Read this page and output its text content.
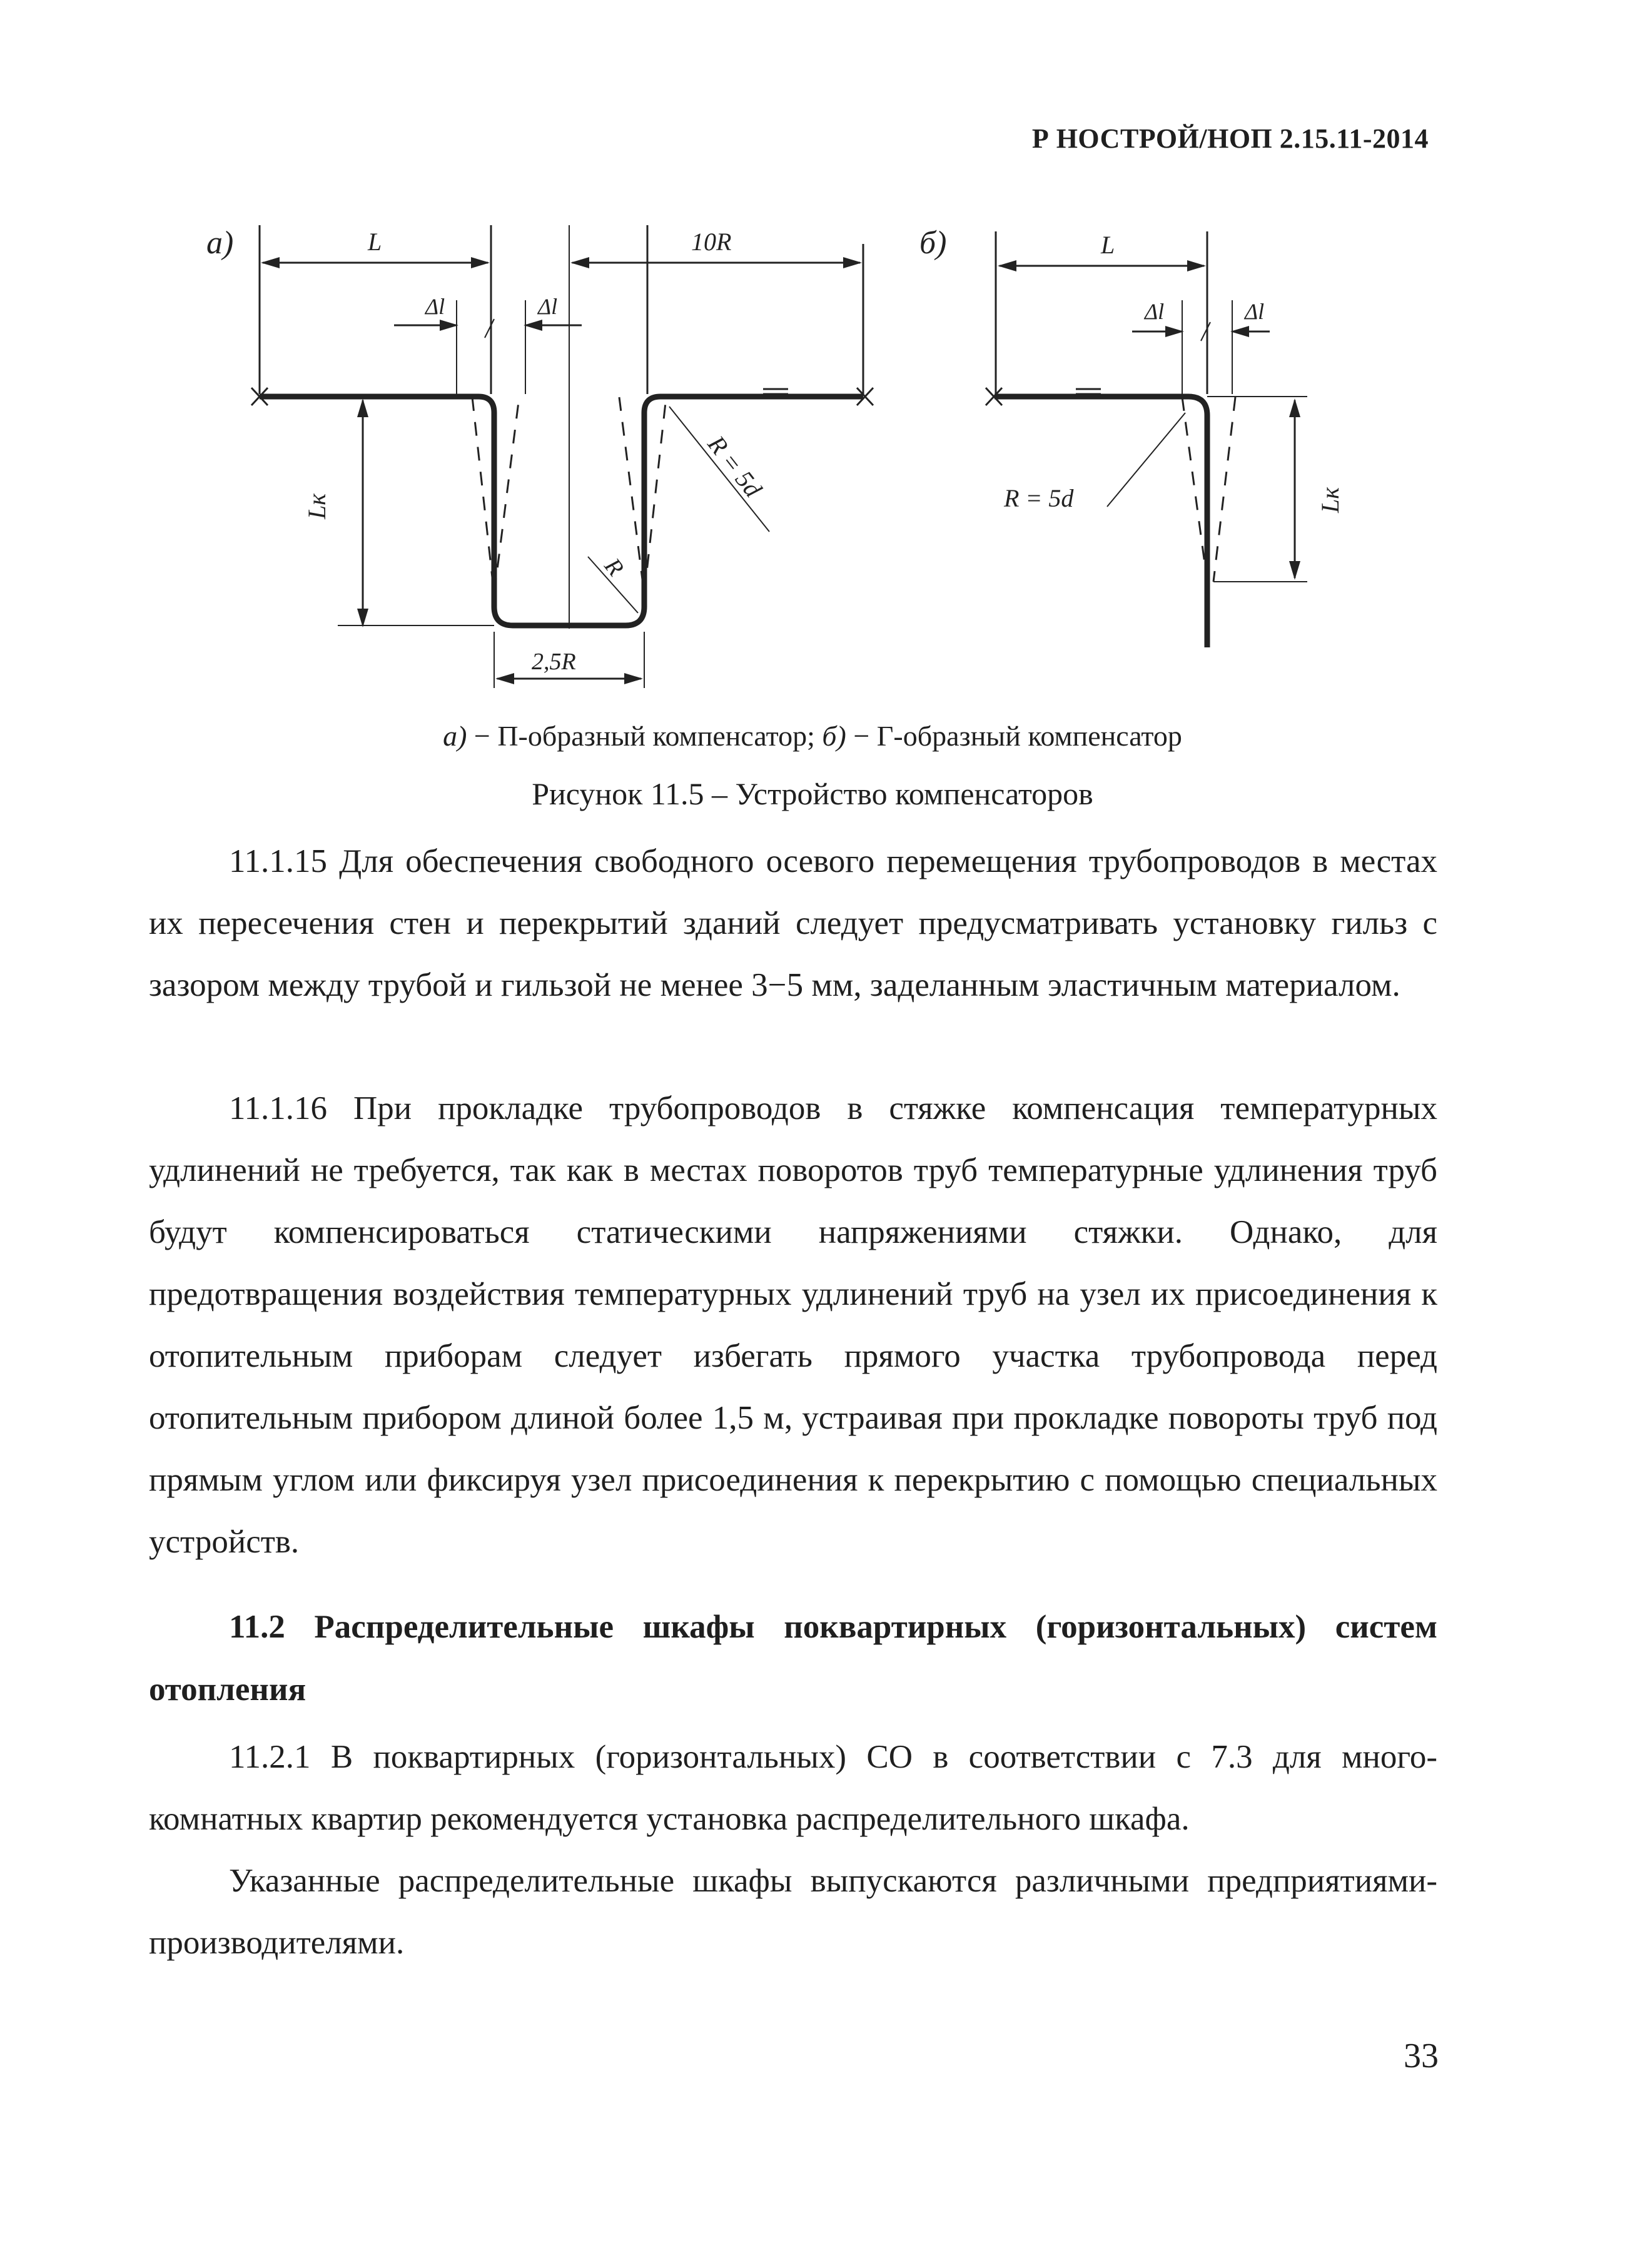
Р НОСТРОЙ/НОП 2.15.11-2014
а)	б)
L	10R
Δl	Δl
Lк
R = 5d
R
2,5R
L
Δl	Δl
R = 5d	Lк
а) − П-образный компенсатор; б) − Г-образный компенсатор
Рисунок 11.5 – Устройство компенсаторов

11.1.15 Для обеспечения свободного осевого перемещения трубопроводов в местах их пересечения стен и перекрытий зданий следует предусматривать установку гильз с зазором между трубой и гильзой не менее 3−5 мм, заделанным эластичным материалом.

11.1.16 При прокладке трубопроводов в стяжке компенсация температурных удлинений не требуется, так как в местах поворотов труб температурные удлинения труб будут компенсироваться статическими напряжениями стяжки. Однако, для предотвращения воздействия температурных удлинений труб на узел их присоединения к отопительным приборам следует избегать прямого участка трубопровода перед отопительным прибором длиной более 1,5 м, устраивая при прокладке повороты труб под прямым углом или фиксируя узел присоединения к перекрытию с помощью специальных устройств.

11.2 Распределительные шкафы поквартирных (горизонтальных) систем отопления

11.2.1 В поквартирных (горизонтальных) СО в соответствии с 7.3 для многокомнатных квартир рекомендуется установка распределительного шкафа.

Указанные распределительные шкафы выпускаются различными предприятиями-производителями.

33
